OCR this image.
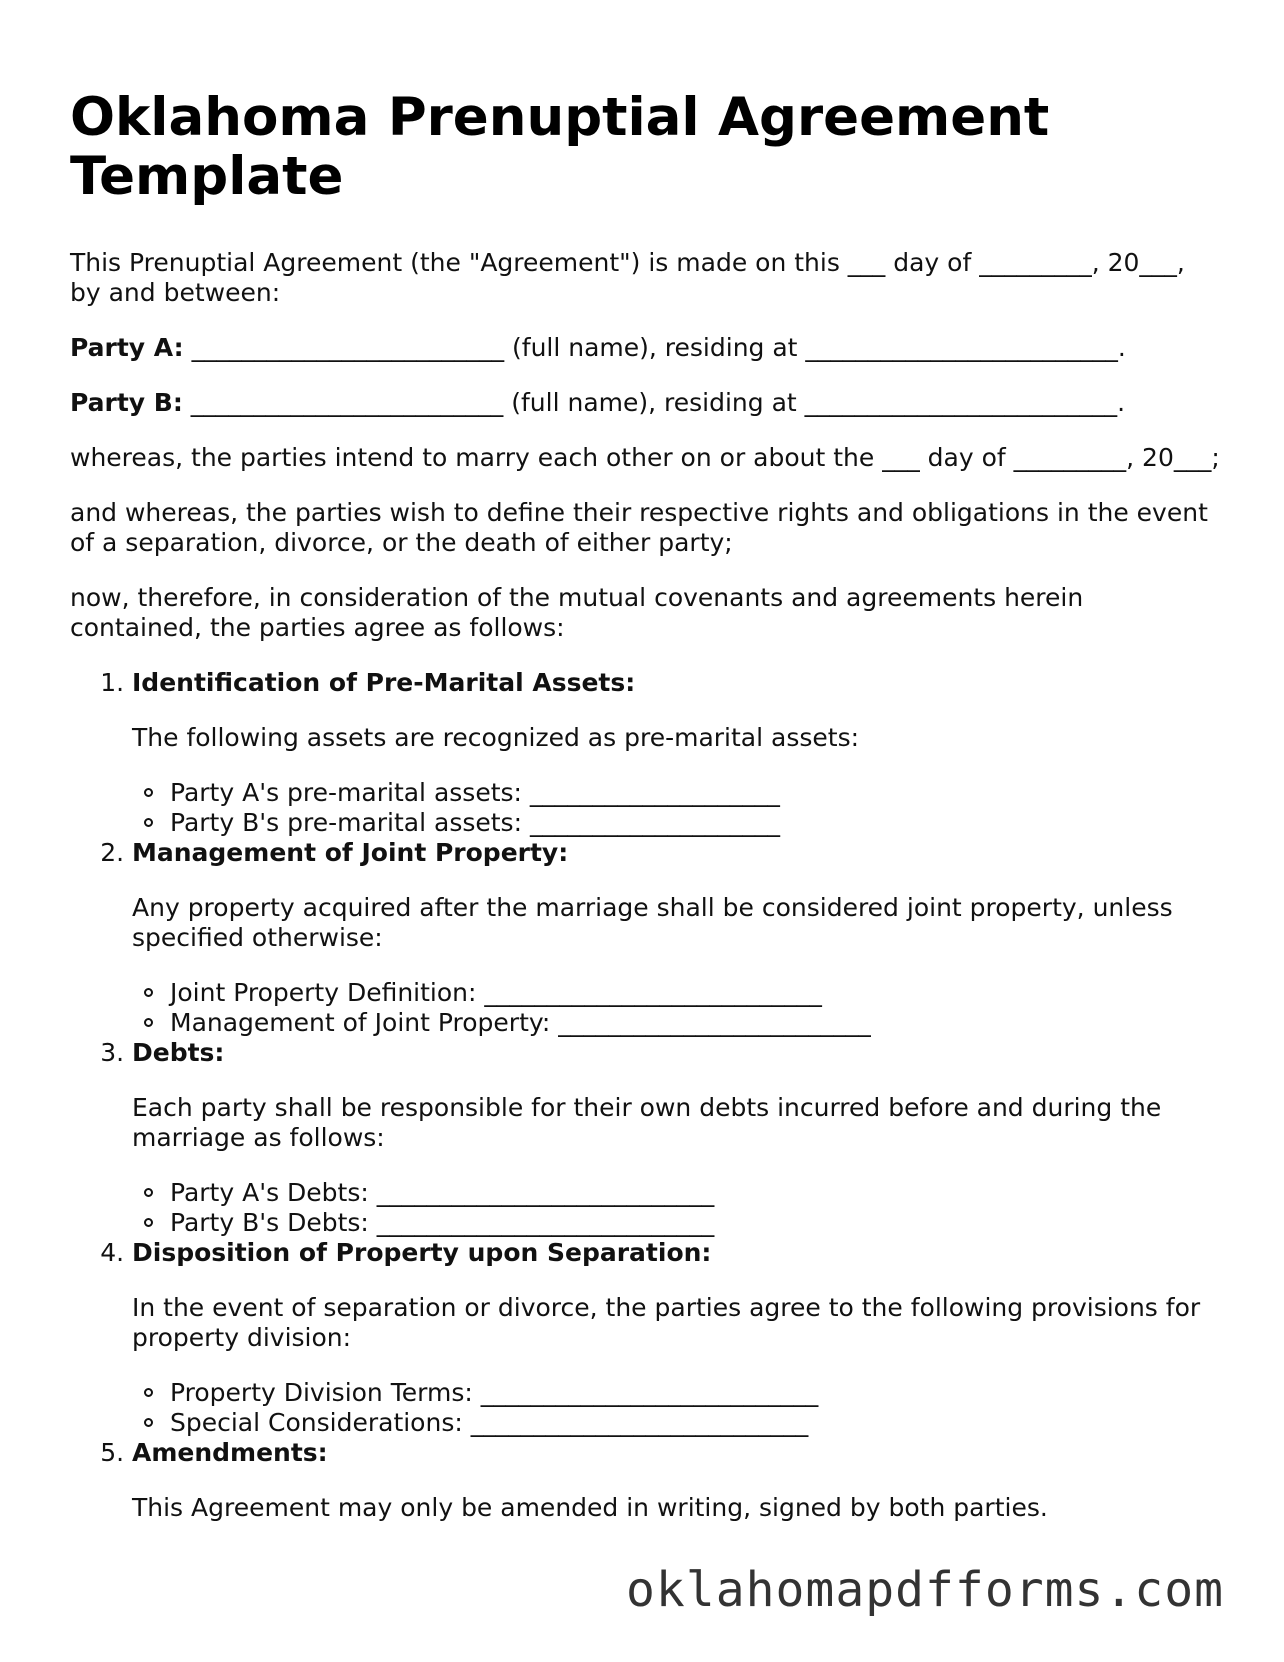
Oklahoma Prenuptial Agreement Template

This Prenuptial Agreement (the "Agreement") is made on this ___ day of _________, 20___, by and between:

Party A: _________________________ (full name), residing at _________________________.

Party B: _________________________ (full name), residing at _________________________.

whereas, the parties intend to marry each other on or about the ___ day of _________, 20___;

and whereas, the parties wish to define their respective rights and obligations in the event of a separation, divorce, or the death of either party;

now, therefore, in consideration of the mutual covenants and agreements herein contained, the parties agree as follows:

1. Identification of Pre-Marital Assets:

The following assets are recognized as pre-marital assets:

Party A's pre-marital assets: ____________________
Party B's pre-marital assets: ____________________
2. Management of Joint Property:

Any property acquired after the marriage shall be considered joint property, unless specified otherwise:

Joint Property Definition: ___________________________
Management of Joint Property: _________________________
3. Debts:

Each party shall be responsible for their own debts incurred before and during the marriage as follows:

Party A's Debts: ___________________________
Party B's Debts: ___________________________
4. Disposition of Property upon Separation:

In the event of separation or divorce, the parties agree to the following provisions for property division:

Property Division Terms: ___________________________
Special Considerations: ___________________________
5. Amendments:

This Agreement may only be amended in writing, signed by both parties.

oklahomapdfforms.com
